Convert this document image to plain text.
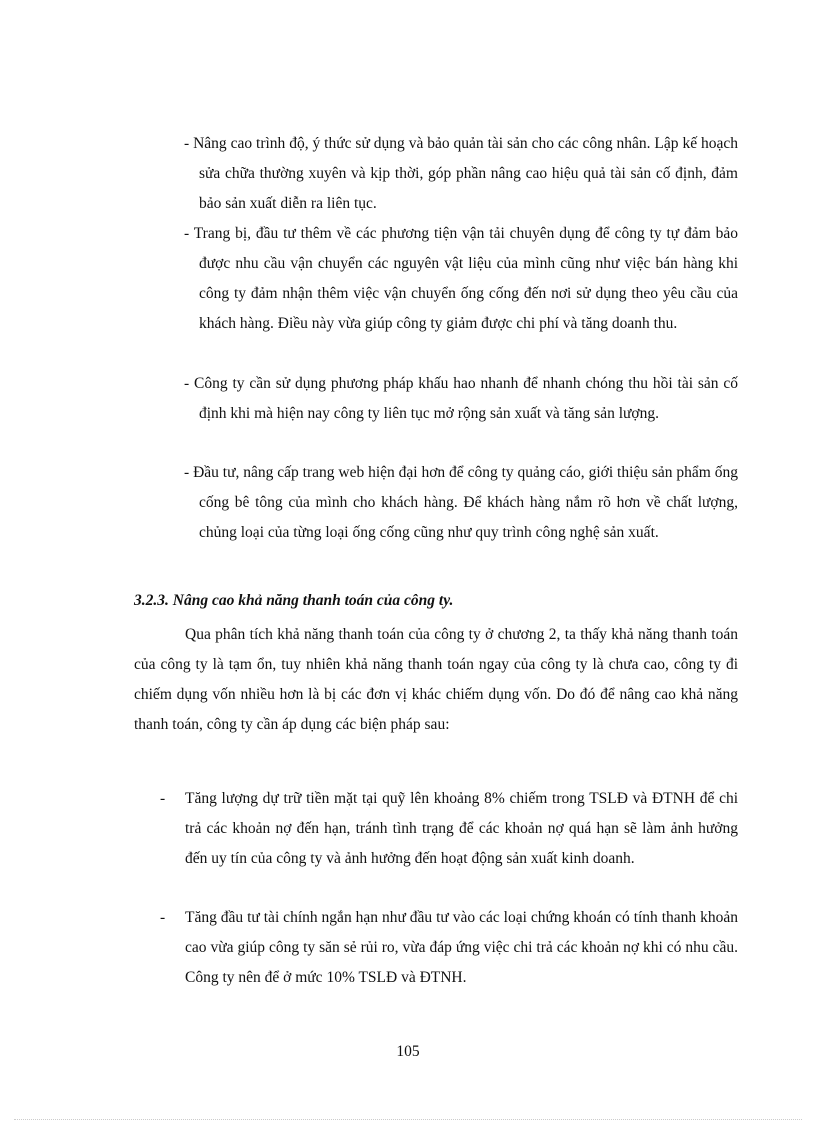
- Nâng cao trình độ, ý thức sử dụng và bảo quản tài sản cho các công nhân. Lập kế hoạch sửa chữa thường xuyên và kịp thời, góp phần nâng cao hiệu quả tài sản cố định, đảm bảo sản xuất diễn ra liên tục.
- Trang bị, đầu tư thêm về các phương tiện vận tải chuyên dụng để công ty tự đảm bảo được nhu cầu vận chuyển các nguyên vật liệu của mình cũng như việc bán hàng khi công ty đảm nhận thêm việc vận chuyển ống cống đến nơi sử dụng theo yêu cầu của khách hàng. Điều này vừa giúp công ty giảm được chi phí và tăng doanh thu.
- Công ty cần sử dụng phương pháp khấu hao nhanh để nhanh chóng thu hồi tài sản cố định khi mà hiện nay công ty liên tục mở rộng sản xuất và tăng sản lượng.
- Đầu tư, nâng cấp trang web hiện đại hơn để công ty quảng cáo, giới thiệu sản phẩm ống cống bê tông của mình cho khách hàng. Để khách hàng nắm rõ hơn về chất lượng, chủng loại của từng loại ống cống cũng như quy trình công nghệ sản xuất.
3.2.3. Nâng cao khả năng thanh toán của công ty.
Qua phân tích khả năng thanh toán của công ty ở chương 2, ta thấy khả năng thanh toán của công ty là tạm ổn, tuy nhiên khả năng thanh toán ngay của công ty là chưa cao, công ty đi chiếm dụng vốn nhiều hơn là bị các đơn vị khác chiếm dụng vốn. Do đó để nâng cao khả năng thanh toán, công ty cần áp dụng các biện pháp sau:
-	Tăng lượng dự trữ tiền mặt tại quỹ lên khoảng 8% chiếm trong TSLĐ và ĐTNH để chi trả các khoản nợ đến hạn, tránh tình trạng để các khoản nợ quá hạn sẽ làm ảnh hưởng đến uy tín của công ty và ảnh hưởng đến hoạt động sản xuất kinh doanh.
-	Tăng đầu tư tài chính ngắn hạn như đầu tư vào các loại chứng khoán có tính thanh khoản cao vừa giúp công ty săn sẻ rủi ro, vừa đáp ứng việc chi trả các khoản nợ khi có nhu cầu. Công ty nên để ở mức 10% TSLĐ và ĐTNH.
105
